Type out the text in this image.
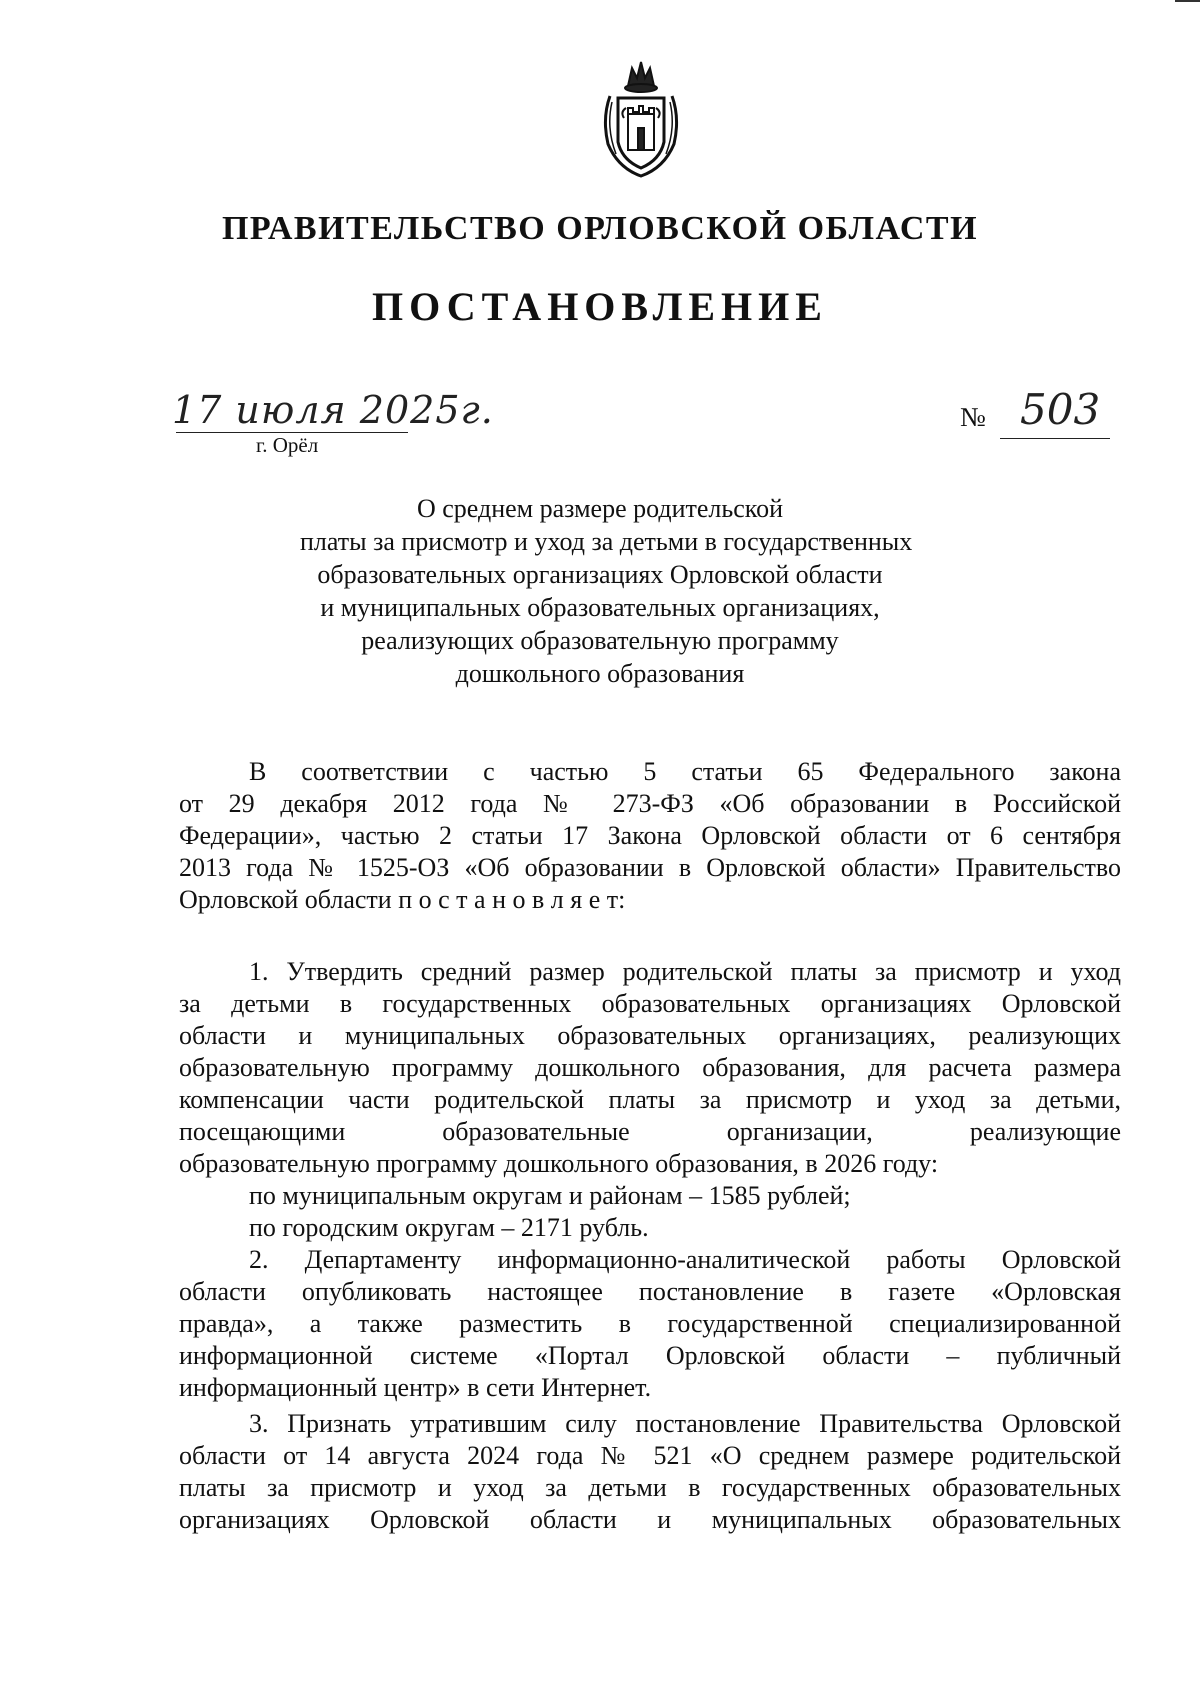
ПРАВИТЕЛЬСТВО ОРЛОВСКОЙ ОБЛАСТИ
ПОСТАНОВЛЕНИЕ
17 июля 2025г.
г. Орёл
№ 503
О среднем размере родительской
платы за присмотр и уход за детьми в государственных
образовательных организациях Орловской области
и муниципальных образовательных организациях,
реализующих образовательную программу
дошкольного образования

В соответствии с частью 5 статьи 65 Федерального закона

от 29 декабря 2012 года № 273-ФЗ «Об образовании в Российской

Федерации», частью 2 статьи 17 Закона Орловской области от 6 сентября

2013 года № 1525-ОЗ «Об образовании в Орловской области» Правительство

Орловской области п о с т а н о в л я е т:

1. Утвердить средний размер родительской платы за присмотр и уход

за детьми в государственных образовательных организациях Орловской

области и муниципальных образовательных организациях, реализующих

образовательную программу дошкольного образования, для расчета размера

компенсации части родительской платы за присмотр и уход за детьми,

посещающими образовательные организации, реализующие

образовательную программу дошкольного образования, в 2026 году:

по муниципальным округам и районам – 1585 рублей;

по городским округам – 2171 рубль.

2. Департаменту информационно-аналитической работы Орловской

области опубликовать настоящее постановление в газете «Орловская

правда», а также разместить в государственной специализированной

информационной системе «Портал Орловской области – публичный

информационный центр» в сети Интернет.

3. Признать утратившим силу постановление Правительства Орловской

области от 14 августа 2024 года № 521 «О среднем размере родительской

платы за присмотр и уход за детьми в государственных образовательных

организациях Орловской области и муниципальных образовательных
